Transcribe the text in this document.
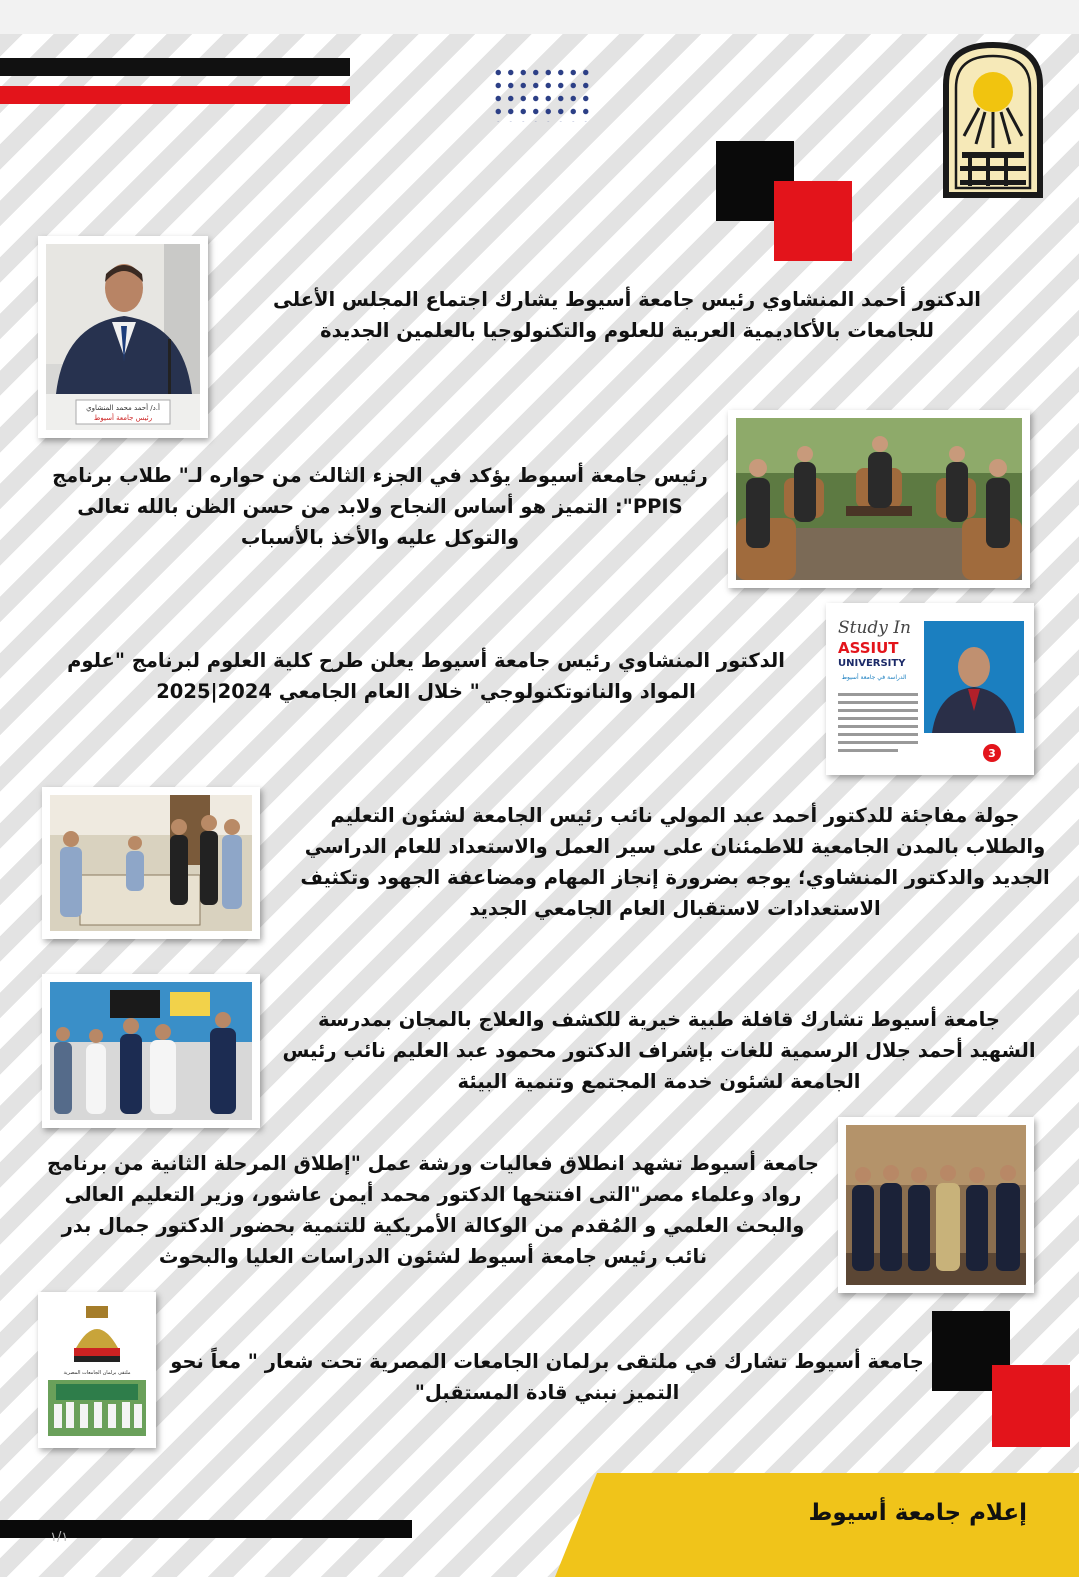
أ.د/ أحمد محمد المنشاوي
رئيس جامعة أسيوط

الدكتور أحمد المنشاوي رئيس جامعة أسيوط يشارك اجتماع المجلس الأعلى للجامعات بالأكاديمية العربية للعلوم والتكنولوجيا بالعلمين الجديدة

رئيس جامعة أسيوط يؤكد في الجزء الثالث من حواره لـ" طلاب برنامج PPIS": التميز هو أساس النجاح ولابد من حسن الظن بالله تعالى والتوكل عليه والأخذ بالأسباب

Study In
ASSIUT
UNIVERSITY
الدراسة في جامعة أسيوط
3

الدكتور المنشاوي رئيس جامعة أسيوط يعلن طرح كلية العلوم لبرنامج "علوم المواد والنانوتكنولوجي" خلال العام الجامعي 2024|2025

جولة مفاجئة للدكتور أحمد عبد المولي نائب رئيس الجامعة لشئون التعليم والطلاب بالمدن الجامعية للاطمئنان على سير العمل والاستعداد للعام الدراسي الجديد والدكتور المنشاوي؛ يوجه بضرورة إنجاز المهام ومضاعفة الجهود وتكثيف الاستعدادات لاستقبال العام الجامعي الجديد

جامعة أسيوط تشارك قافلة طبية خيرية للكشف والعلاج بالمجان بمدرسة الشهيد أحمد جلال الرسمية للغات بإشراف الدكتور محمود عبد العليم نائب رئيس الجامعة لشئون خدمة المجتمع وتنمية البيئة

جامعة أسيوط تشهد انطلاق فعاليات ورشة عمل "إطلاق المرحلة الثانية من برنامج رواد وعلماء مصر"التى افتتحها الدكتور محمد أيمن عاشور، وزير التعليم العالى والبحث العلمي و المُقدم من الوكالة الأمريكية للتنمية بحضور الدكتور جمال بدر نائب رئيس جامعة أسيوط لشئون الدراسات العليا والبحوث

ملتقى برلمان الجامعات المصرية جامعة أسيوط تشارك في ملتقى برلمان الجامعات المصرية تحت شعار " معاً نحو التميز نبني قادة المستقبل"

إعلام جامعة أسيوط
١/١
